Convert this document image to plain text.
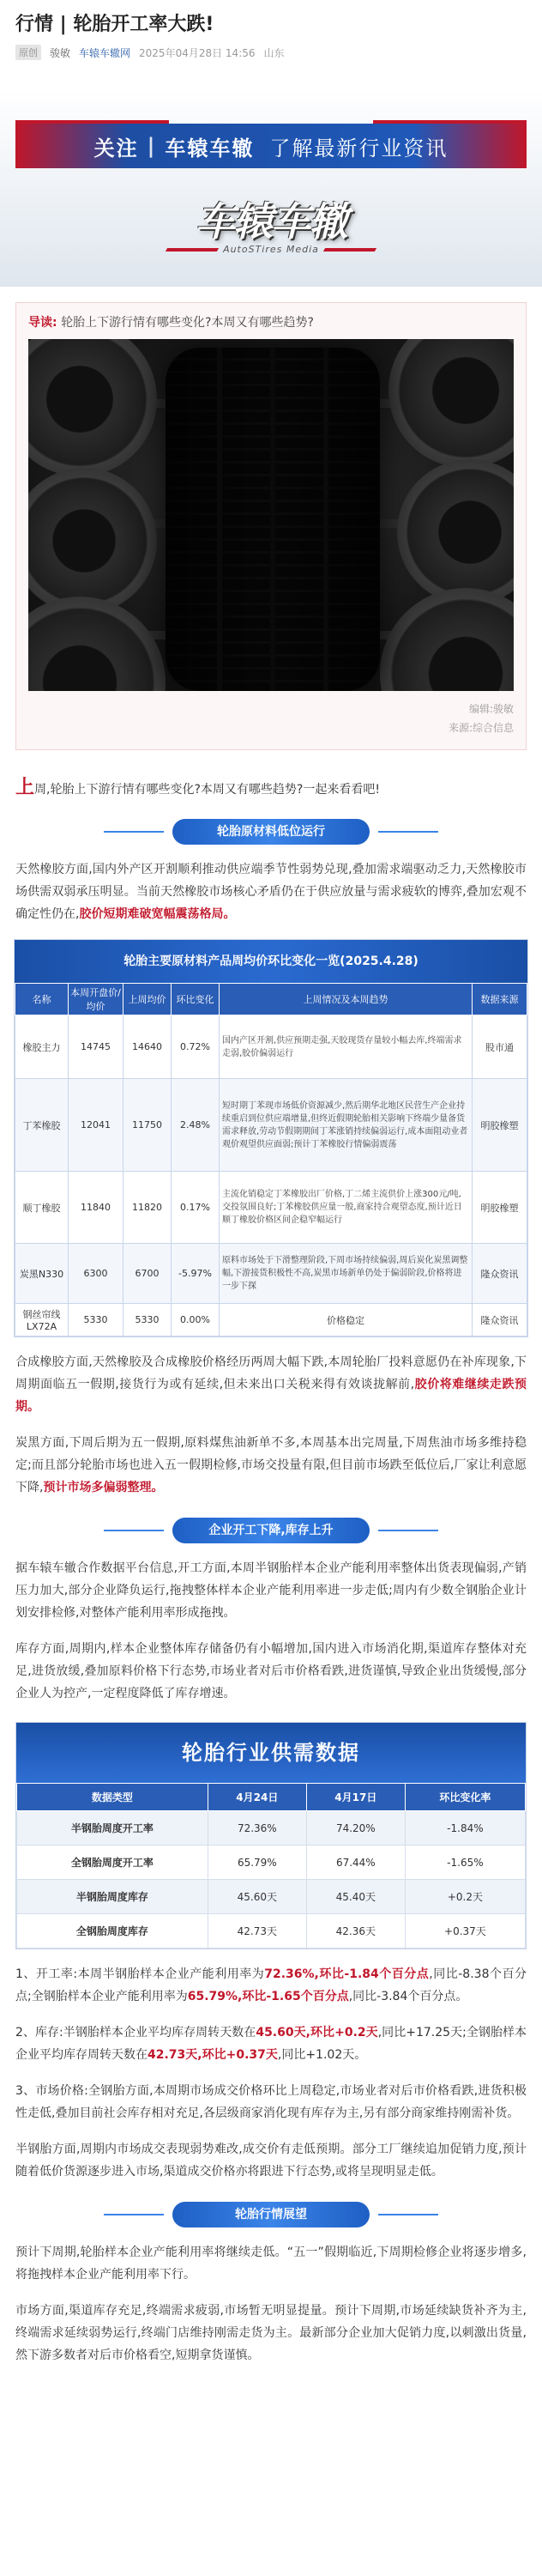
行情 | 轮胎开工率大跌!
原创	骏敏 车辕车辙网 2025年04月28日 14:56 山东
关注 | 车辕车辙 了解最新行业资讯
车辕车辙
AutoSTires Media
导读: 轮胎上下游行情有哪些变化?本周又有哪些趋势?
编辑:骏敏
来源:综合信息

上周,轮胎上下游行情有哪些变化?本周又有哪些趋势?一起来看看吧!

轮胎原材料低位运行

天然橡胶方面,国内外产区开割顺利推动供应端季节性弱势兑现,叠加需求端驱动乏力,天然橡胶市场供需双弱承压明显。当前天然橡胶市场核心矛盾仍在于供应放量与需求疲软的博弈,叠加宏观不确定性仍在,胶价短期难破宽幅震荡格局。

轮胎主要原材料产品周均价环比变化一览(2025.4.28)
名称	本周开盘价/均价	上周均价	环比变化	上周情况及本周趋势	数据来源
橡胶主力	14745	14640	0.72%	国内产区开割,供应预期走强,天胶现货存量较小幅去库,终端需求走弱,胶价偏弱运行	股市通
丁苯橡胶	12041	11750	2.48%	短时期丁苯现市场低价资源减少,然后期华北地区民营生产企业持续重启到位供应端增量,但终近假期轮胎相关影响下终端少量备货需求释放,劳动节假期期间丁苯涨销持续偏弱运行,成本面阻动业者观价观望供应面弱;预计丁苯橡胶行情偏弱震荡	明胶橡塑
顺丁橡胶	11840	11820	0.17%	主流化销稳定丁苯橡胶出厂价格,丁二烯主流供价上涨300元/吨,交投氛围良好;丁苯橡胶供应量一般,商家持合观望态度,预计近日顺丁橡胶价格区间企稳窄幅运行	明胶橡塑
炭黑N330	6300	6700	-5.97%	原料市场处于下滑整理阶段,下周市场持续偏弱,周后炭化炭黑调整幅,下游接货积极性不高,炭黑市场新单仍处于偏弱阶段,价格将进一步下探	隆众资讯
钢丝帘线LX72A	5330	5330	0.00%	价格稳定	隆众资讯

合成橡胶方面,天然橡胶及合成橡胶价格经历两周大幅下跌,本周轮胎厂投料意愿仍在补库现象,下周期面临五一假期,接货行为或有延续,但未来出口关税来得有效谈拢解前,胶价将难继续走跌预期。

炭黑方面,下周后期为五一假期,原料煤焦油新单不多,本周基本出完周量,下周焦油市场多维持稳定;而且部分轮胎市场也进入五一假期检修,市场交投量有限,但目前市场跌至低位后,厂家让利意愿下降,预计市场多偏弱整理。

企业开工下降,库存上升

据车辕车辙合作数据平台信息,开工方面,本周半钢胎样本企业产能利用率整体出货表现偏弱,产销压力加大,部分企业降负运行,拖拽整体样本企业产能利用率进一步走低;周内有少数全钢胎企业计划安排检修,对整体产能利用率形成拖拽。

库存方面,周期内,样本企业整体库存储备仍有小幅增加,国内进入市场消化期,渠道库存整体对充足,进货放缓,叠加原料价格下行态势,市场业者对后市价格看跌,进货谨慎,导致企业出货缓慢,部分企业人为控产,一定程度降低了库存增速。

轮胎行业供需数据
数据类型	4月24日	4月17日	环比变化率
半钢胎周度开工率	72.36%	74.20%	-1.84%
全钢胎周度开工率	65.79%	67.44%	-1.65%
半钢胎周度库存	45.60天	45.40天	+0.2天
全钢胎周度库存	42.73天	42.36天	+0.37天

1、开工率:本周半钢胎样本企业产能利用率为72.36%,环比-1.84个百分点,同比-8.38个百分点;全钢胎样本企业产能利用率为65.79%,环比-1.65个百分点,同比-3.84个百分点。

2、库存:半钢胎样本企业平均库存周转天数在45.60天,环比+0.2天,同比+17.25天;全钢胎样本企业平均库存周转天数在42.73天,环比+0.37天,同比+1.02天。

3、市场价格:全钢胎方面,本周期市场成交价格环比上周稳定,市场业者对后市价格看跌,进货积极性走低,叠加目前社会库存相对充足,各层级商家消化现有库存为主,另有部分商家维持刚需补货。

半钢胎方面,周期内市场成交表现弱势难改,成交价有走低预期。部分工厂继续追加促销力度,预计随着低价货源逐步进入市场,渠道成交价格亦将跟进下行态势,或将呈现明显走低。

轮胎行情展望

预计下周期,轮胎样本企业产能利用率将继续走低。“五一”假期临近,下周期检修企业将逐步增多,将拖拽样本企业产能利用率下行。

市场方面,渠道库存充足,终端需求疲弱,市场暂无明显提量。预计下周期,市场延续缺货补齐为主,终端需求延续弱势运行,终端门店维持刚需走货为主。最新部分企业加大促销力度,以刺激出货量,然下游多数者对后市价格看空,短期拿货谨慎。
